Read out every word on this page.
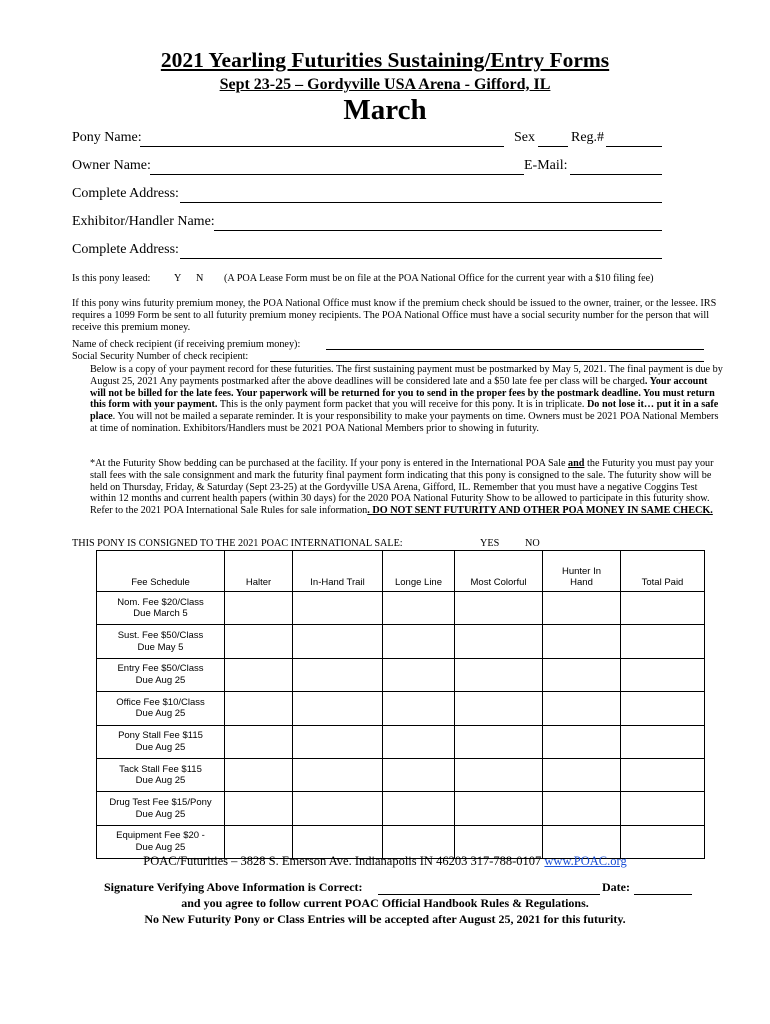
2021 Yearling Futurities Sustaining/Entry Forms
Sept 23-25 – Gordyville USA Arena - Gifford, IL
March
Pony Name:	Sex	Reg.#
Owner Name:	E-Mail:
Complete Address:
Exhibitor/Handler Name:
Complete Address:
Is this pony leased: Y N (A POA Lease Form must be on file at the POA National Office for the current year with a $10 filing fee)

If this pony wins futurity premium money, the POA National Office must know if the premium check should be issued to the owner, trainer, or the lessee. IRS requires a 1099 Form be sent to all futurity premium money recipients. The POA National Office must have a social security number for the person that will receive this premium money.

Name of check recipient (if receiving premium money):
Social Security Number of check recipient:

Below is a copy of your payment record for these futurities. The first sustaining payment must be postmarked by May 5, 2021. The final payment is due by August 25, 2021 Any payments postmarked after the above deadlines will be considered late and a $50 late fee per class will be charged. Your account will not be billed for the late fees. Your paperwork will be returned for you to send in the proper fees by the postmark deadline. You must return this form with your payment. This is the only payment form packet that you will receive for this pony. It is in triplicate. Do not lose it… put it in a safe place. You will not be mailed a separate reminder. It is your responsibility to make your payments on time. Owners must be 2021 POA National Members at time of nomination. Exhibitors/Handlers must be 2021 POA National Members prior to showing in futurity.

*At the Futurity Show bedding can be purchased at the facility. If your pony is entered in the International POA Sale and the Futurity you must pay your stall fees with the sale consignment and mark the futurity final payment form indicating that this pony is consigned to the sale. The futurity show will be held on Thursday, Friday, & Saturday (Sept 23-25) at the Gordyville USA Arena, Gifford, IL. Remember that you must have a negative Coggins Test within 12 months and current health papers (within 30 days) for the 2020 POA National Futurity Show to be allowed to participate in this futurity show. Refer to the 2021 POA International Sale Rules for sale information. DO NOT SENT FUTURITY AND OTHER POA MONEY IN SAME CHECK.

THIS PONY IS CONSIGNED TO THE 2021 POAC INTERNATIONAL SALE:	YES	NO
Fee Schedule	Halter	In-Hand Trail	Longe Line	Most Colorful	Hunter In Hand	Total Paid
Nom. Fee $20/Class
Due March 5						
Sust. Fee $50/Class
Due May 5						
Entry Fee $50/Class
Due Aug 25						
Office Fee $10/Class
Due Aug 25						
Pony Stall Fee $115
Due Aug 25						
Tack Stall Fee $115
Due Aug 25						
Drug Test Fee $15/Pony
Due Aug 25						
Equipment Fee $20 -
Due Aug 25						
POAC/Futurities – 3828 S. Emerson Ave. Indianapolis IN 46203 317-788-0107 www.POAC.org
Signature Verifying Above Information is Correct:	Date:
and you agree to follow current POAC Official Handbook Rules & Regulations.
No New Futurity Pony or Class Entries will be accepted after August 25, 2021 for this futurity.
